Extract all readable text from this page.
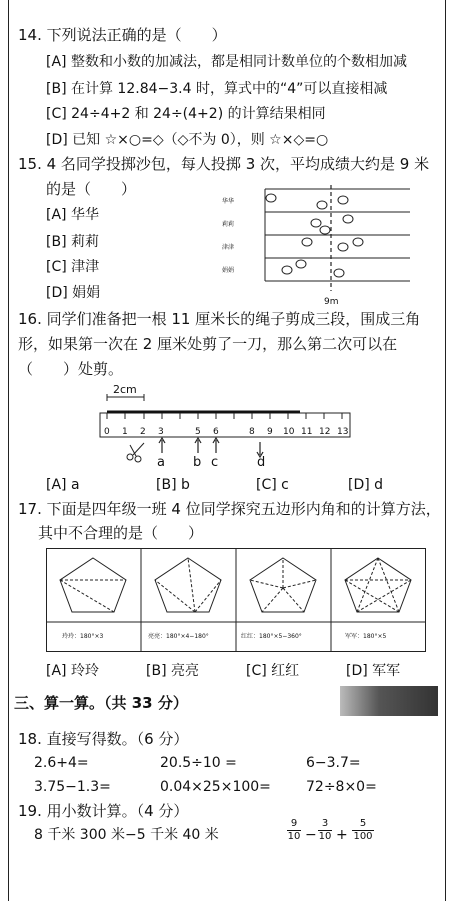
14. 下列说法正确的是（　　）
[A] 整数和小数的加减法，都是相同计数单位的个数相加减
[B] 在计算 12.84−3.4 时，算式中的“4”可以直接相减
[C] 24÷4+2 和 24÷(4+2) 的计算结果相同
[D] 已知 ☆×○=◇（◇不为 0），则 ☆×◇=○
15. 4 名同学投掷沙包，每人投掷 3 次，平均成绩大约是 9 米
的是（　　）
[A] 华华
[B] 莉莉
[C] 津津
[D] 娟娟
华华
莉莉
津津
娟娟
9m
16. 同学们准备把一根 11 厘米长的绳子剪成三段，围成三角
形，如果第一次在 2 厘米处剪了一刀，那么第二次可以在
（　　）处剪。
2cm
0 1 2 3	5 6	8 9 10 11 12 13
a b c	d
[A] a	[B] b	[C] c	[D] d
17. 下面是四年级一班 4 位同学探究五边形内角和的计算方法，
其中不合理的是（　　）
玲玲：180°×3	亮亮：180°×4−180°	红红：180°×5−360°	军军：180°×5
[A] 玲玲	[B] 亮亮	[C] 红红	[D] 军军
三、算一算。（共 33 分）
18. 直接写得数。（6 分）
2.6+4=	20.5÷10 =	6−3.7=
3.75−1.3=	0.04×25×100=	72÷8×0=
19. 用小数计算。（4 分）
8 千米 300 米−5 千米 40 米	$\frac{9}{10} - \frac{3}{10} + \frac{5}{100}$
